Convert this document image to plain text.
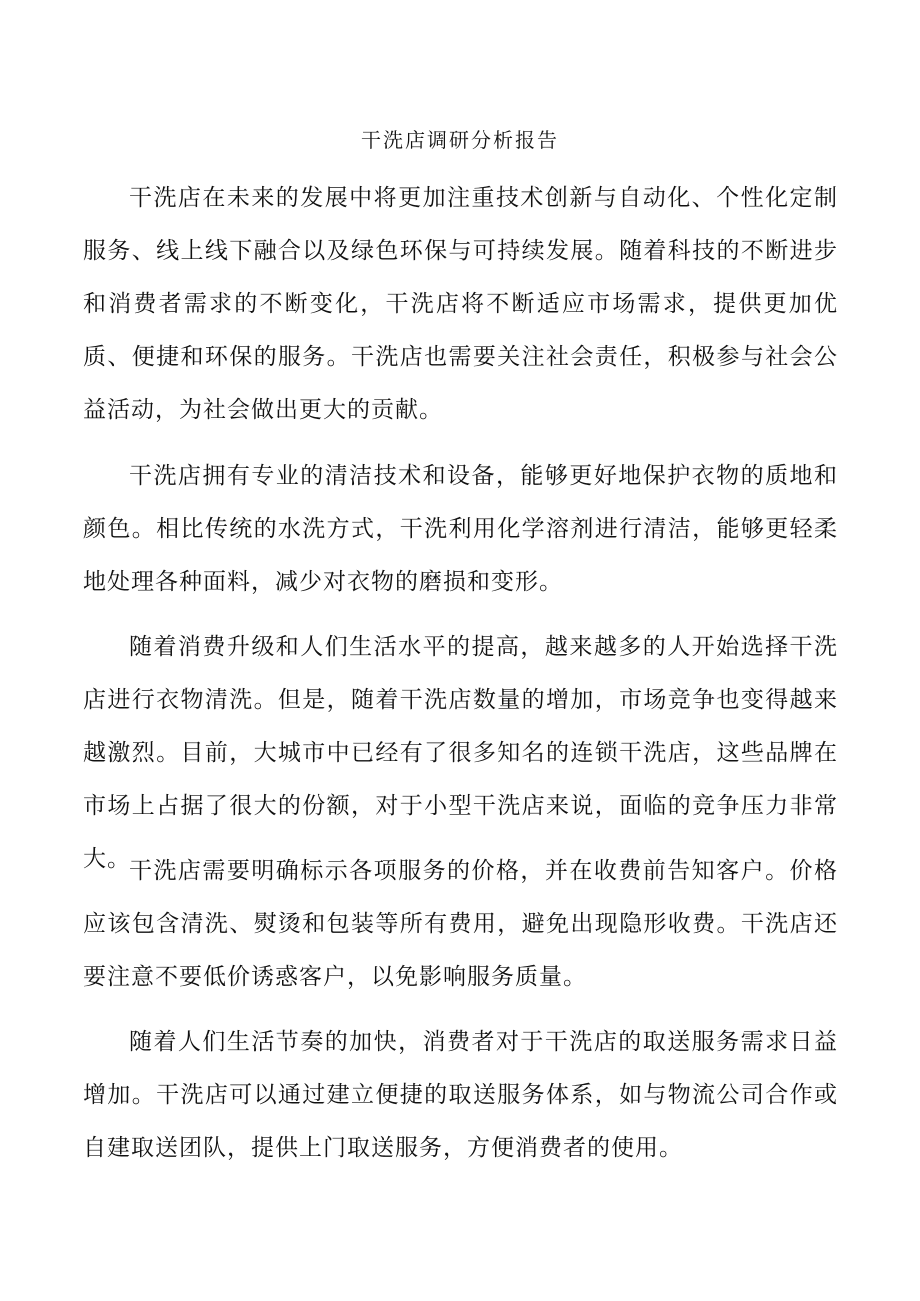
干洗店调研分析报告

干洗店在未来的发展中将更加注重技术创新与自动化、个性化定制服务、线上线下融合以及绿色环保与可持续发展。随着科技的不断进步和消费者需求的不断变化，干洗店将不断适应市场需求，提供更加优质、便捷和环保的服务。干洗店也需要关注社会责任，积极参与社会公益活动，为社会做出更大的贡献。

干洗店拥有专业的清洁技术和设备，能够更好地保护衣物的质地和颜色。相比传统的水洗方式，干洗利用化学溶剂进行清洁，能够更轻柔地处理各种面料，减少对衣物的磨损和变形。

随着消费升级和人们生活水平的提高，越来越多的人开始选择干洗店进行衣物清洗。但是，随着干洗店数量的增加，市场竞争也变得越来越激烈。目前，大城市中已经有了很多知名的连锁干洗店，这些品牌在市场上占据了很大的份额，对于小型干洗店来说，面临的竞争压力非常大。

干洗店需要明确标示各项服务的价格，并在收费前告知客户。价格应该包含清洗、熨烫和包装等所有费用，避免出现隐形收费。干洗店还要注意不要低价诱惑客户，以免影响服务质量。

随着人们生活节奏的加快，消费者对于干洗店的取送服务需求日益增加。干洗店可以通过建立便捷的取送服务体系，如与物流公司合作或自建取送团队，提供上门取送服务，方便消费者的使用。
